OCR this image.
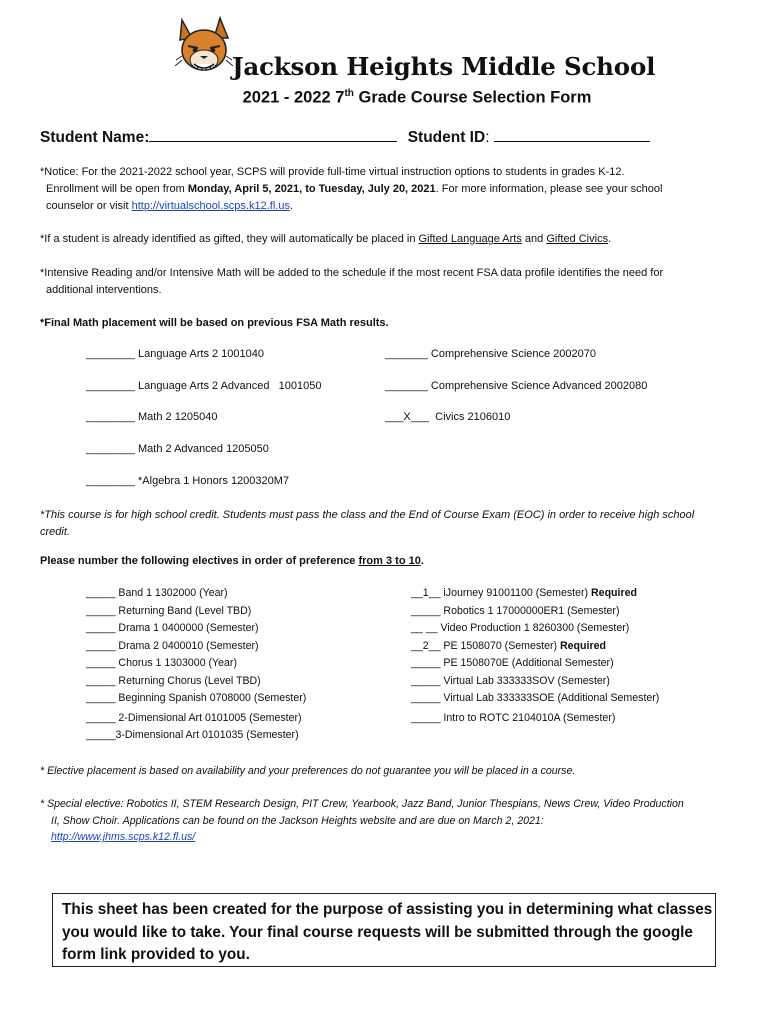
Jackson Heights Middle School
2021 - 2022 7th Grade Course Selection Form
Student Name:	Student ID:
*Notice: For the 2021-2022 school year, SCPS will provide full-time virtual instruction options to students in grades K-12.
Enrollment will be open from Monday, April 5, 2021, to Tuesday, July 20, 2021. For more information, please see your school
counselor or visit http://virtualschool.scps.k12.fl.us.
*If a student is already identified as gifted, they will automatically be placed in Gifted Language Arts and Gifted Civics.
*Intensive Reading and/or Intensive Math will be added to the schedule if the most recent FSA data profile identifies the need for
additional interventions.
*Final Math placement will be based on previous FSA Math results.
________ Language Arts 2 1001040
________ Language Arts 2 Advanced   1001050
________ Math 2 1205040
________ Math 2 Advanced 1205050
________ *Algebra 1 Honors 1200320M7
_______ Comprehensive Science 2002070
_______ Comprehensive Science Advanced 2002080
___X___  Civics 2106010
*This course is for high school credit. Students must pass the class and the End of Course Exam (EOC) in order to receive high school
credit.
Please number the following electives in order of preference from 3 to 10.
_____ Band 1 1302000 (Year)
_____ Returning Band (Level TBD)
_____ Drama 1 0400000 (Semester)
_____ Drama 2 0400010 (Semester)
_____ Chorus 1 1303000 (Year)
_____ Returning Chorus (Level TBD)
_____ Beginning Spanish 0708000 (Semester)
_____ 2-Dimensional Art 0101005 (Semester)
_____3-Dimensional Art 0101035 (Semester)
__1__ iJourney 91001100 (Semester) Required
_____ Robotics 1 17000000ER1 (Semester)
__ __ Video Production 1 8260300 (Semester)
__2__ PE 1508070 (Semester) Required
_____ PE 1508070E (Additional Semester)
_____ Virtual Lab 333333SOV (Semester)
_____ Virtual Lab 333333SOE (Additional Semester)
_____ Intro to ROTC 2104010A (Semester)
* Elective placement is based on availability and your preferences do not guarantee you will be placed in a course.
* Special elective: Robotics II, STEM Research Design, PIT Crew, Yearbook, Jazz Band, Junior Thespians, News Crew, Video Production
II, Show Choir. Applications can be found on the Jackson Heights website and are due on March 2, 2021:
http://www.jhms.scps.k12.fl.us/
This sheet has been created for the purpose of assisting you in determining what classes
you would like to take. Your final course requests will be submitted through the google
form link provided to you.
